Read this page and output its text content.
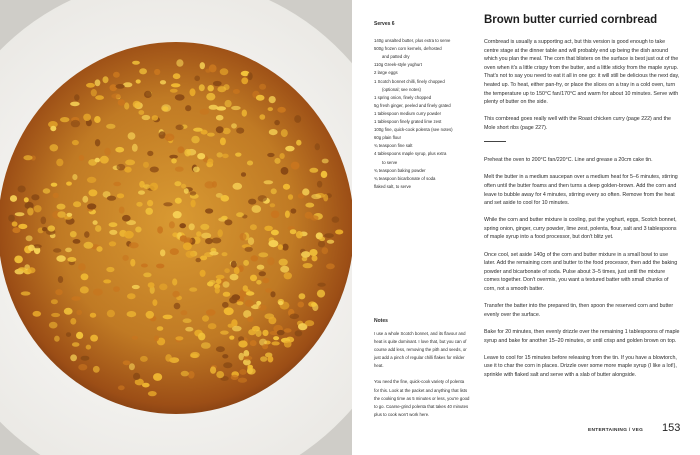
Serves 6

140g unsalted butter, plus extra to serve

500g frozen corn kernels, defrosted

and patted dry

110g Greek-style yoghurt

2 large eggs

1 Scotch bonnet chilli, finely chopped

(optional; see notes)

1 spring onion, finely chopped

5g fresh ginger, peeled and finely grated

1 tablespoon medium curry powder

1 tablespoon finely grated lime zest

100g fine, quick-cook polenta (see notes)

60g plain flour

¾ teaspoon fine salt

4 tablespoons maple syrup, plus extra

to serve

¾ teaspoon baking powder

¾ teaspoon bicarbonate of soda

flaked salt, to serve

Notes

I use a whole Scotch bonnet, and its flavour and heat is quite dominant. I love that, but you can of course add less, removing the pith and seeds, or just add a pinch of regular chilli flakes for milder heat.

You need the fine, quick-cook variety of polenta for this. Look at the packet and anything that lists the cooking time as 5 minutes or less, you're good to go. Coarse-grind polenta that takes 40 minutes plus to cook won't work here.

Brown butter curried cornbread

Cornbread is usually a supporting act, but this version is good enough to take centre stage at the dinner table and will probably end up being the dish around which you plan the meal. The corn that blisters on the surface is best just out of the oven when it's a little crispy from the butter, and a little sticky from the maple syrup. That's not to say you need to eat it all in one go: it will still be delicious the next day, heated up. To heat, either pan-fry, or place the slices on a tray in a cold oven, turn the temperature up to 150°C fan/170°C and warm for about 10 minutes. Serve with plenty of butter on the side.

This cornbread goes really well with the Roast chicken curry (page 222) and the Mole short ribs (page 227).

Preheat the oven to 200°C fan/220°C. Line and grease a 20cm cake tin.

Melt the butter in a medium saucepan over a medium heat for 5–6 minutes, stirring often until the butter foams and then turns a deep golden-brown. Add the corn and leave to bubble away for 4 minutes, stirring every so often. Remove from the heat and set aside to cool for 10 minutes.

While the corn and butter mixture is cooling, put the yoghurt, eggs, Scotch bonnet, spring onion, ginger, curry powder, lime zest, polenta, flour, salt and 3 tablespoons of maple syrup into a food processor, but don't blitz yet.

Once cool, set aside 140g of the corn and butter mixture in a small bowl to use later. Add the remaining corn and butter to the food processor, then add the baking powder and bicarbonate of soda. Pulse about 3–5 times, just until the mixture comes together. Don't overmix, you want a textured batter with small chunks of corn, not a smooth batter.

Transfer the batter into the prepared tin, then spoon the reserved corn and butter evenly over the surface.

Bake for 20 minutes, then evenly drizzle over the remaining 1 tablespoons of maple syrup and bake for another 15–20 minutes, or until crisp and golden brown on top.

Leave to cool for 15 minutes before releasing from the tin. If you have a blowtorch, use it to char the corn in places. Drizzle over some more maple syrup (I like a lot!), sprinkle with flaked salt and serve with a slab of butter alongside.

ENTERTAINING / VEG 153
